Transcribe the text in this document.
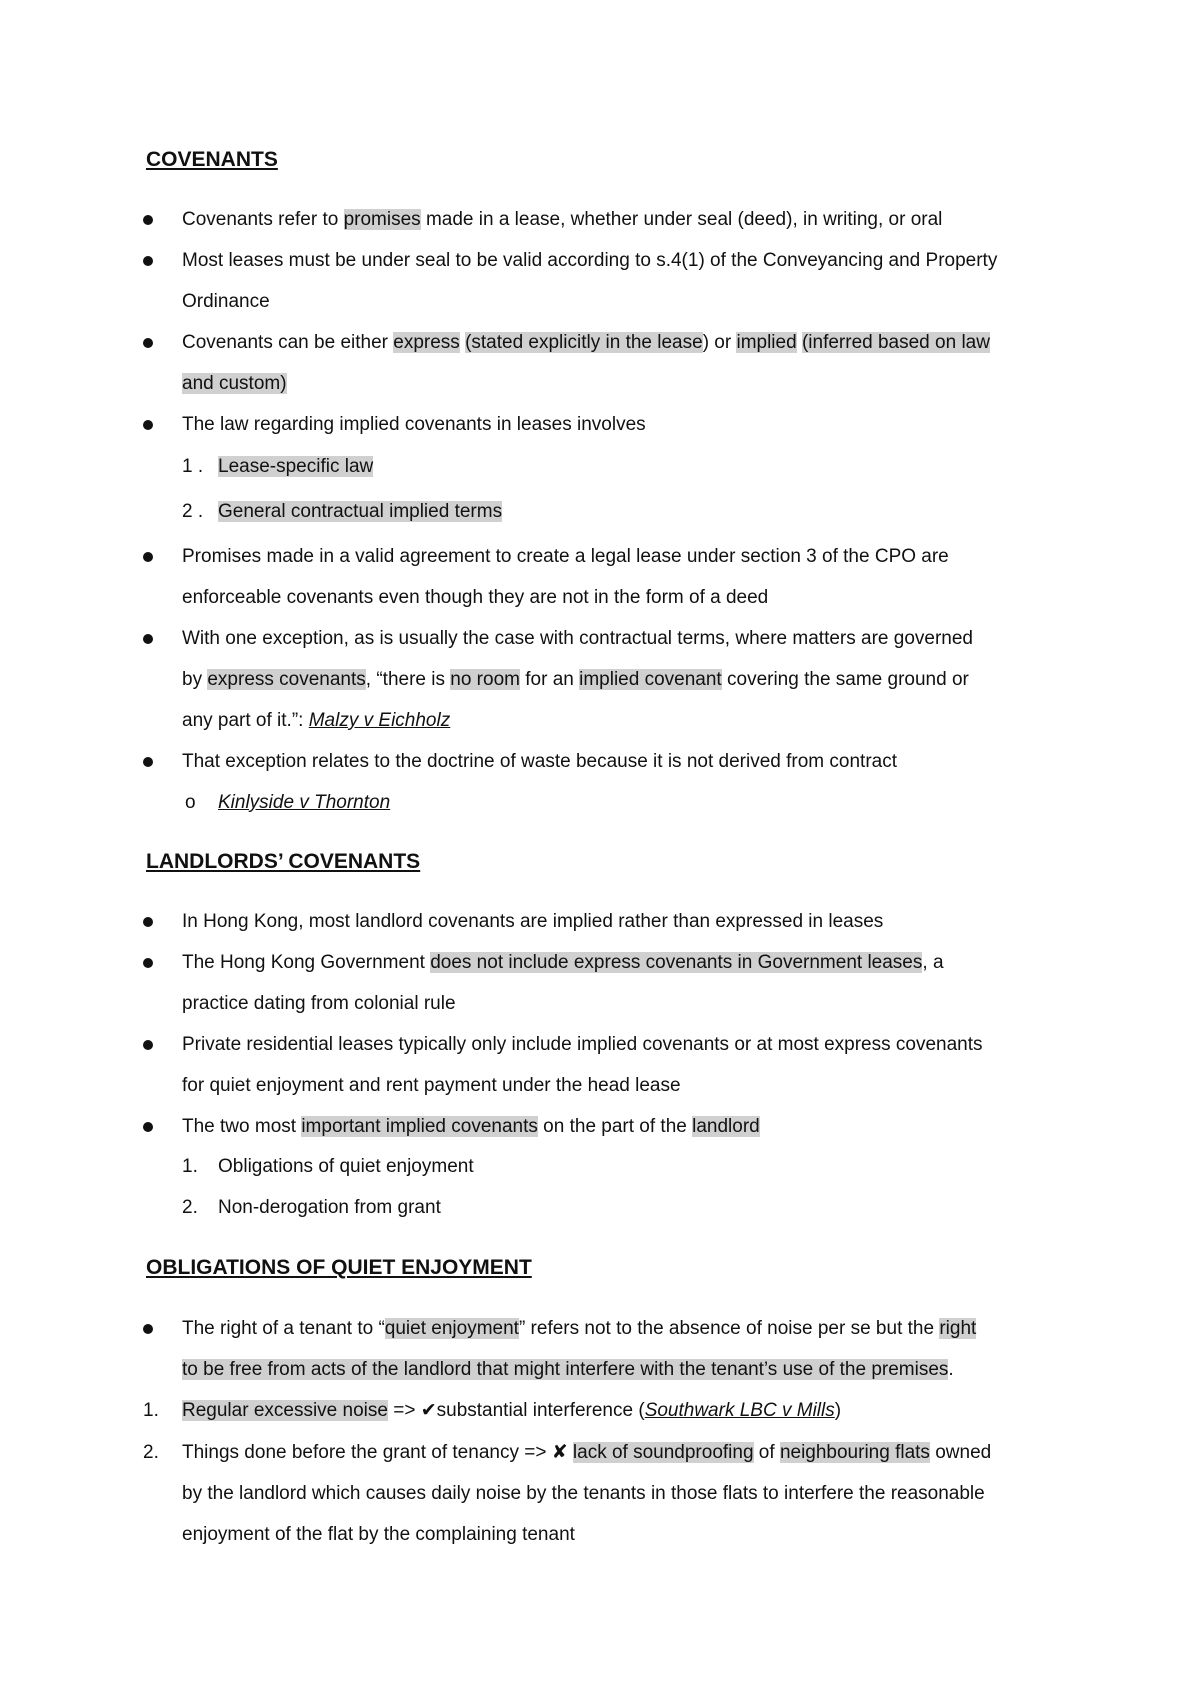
COVENANTS
Covenants refer to promises made in a lease, whether under seal (deed), in writing, or oral
Most leases must be under seal to be valid according to s.4(1) of the Conveyancing and Property
Ordinance
Covenants can be either express (stated explicitly in the lease) or implied (inferred based on law
and custom)
The law regarding implied covenants in leases involves
1 . Lease-specific law
2 . General contractual implied terms
Promises made in a valid agreement to create a legal lease under section 3 of the CPO are
enforceable covenants even though they are not in the form of a deed
With one exception, as is usually the case with contractual terms, where matters are governed
by express covenants, “there is no room for an implied covenant covering the same ground or
any part of it.”: Malzy v Eichholz
That exception relates to the doctrine of waste because it is not derived from contract
o Kinlyside v Thornton
LANDLORDS’ COVENANTS
In Hong Kong, most landlord covenants are implied rather than expressed in leases
The Hong Kong Government does not include express covenants in Government leases, a
practice dating from colonial rule
Private residential leases typically only include implied covenants or at most express covenants
for quiet enjoyment and rent payment under the head lease
The two most important implied covenants on the part of the landlord
1. Obligations of quiet enjoyment
2. Non-derogation from grant
OBLIGATIONS OF QUIET ENJOYMENT
The right of a tenant to “quiet enjoyment” refers not to the absence of noise per se but the right
to be free from acts of the landlord that might interfere with the tenant’s use of the premises.
1. Regular excessive noise => ✔substantial interference (Southwark LBC v Mills)
2. Things done before the grant of tenancy => ✘ lack of soundproofing of neighbouring flats owned
by the landlord which causes daily noise by the tenants in those flats to interfere the reasonable
enjoyment of the flat by the complaining tenant
